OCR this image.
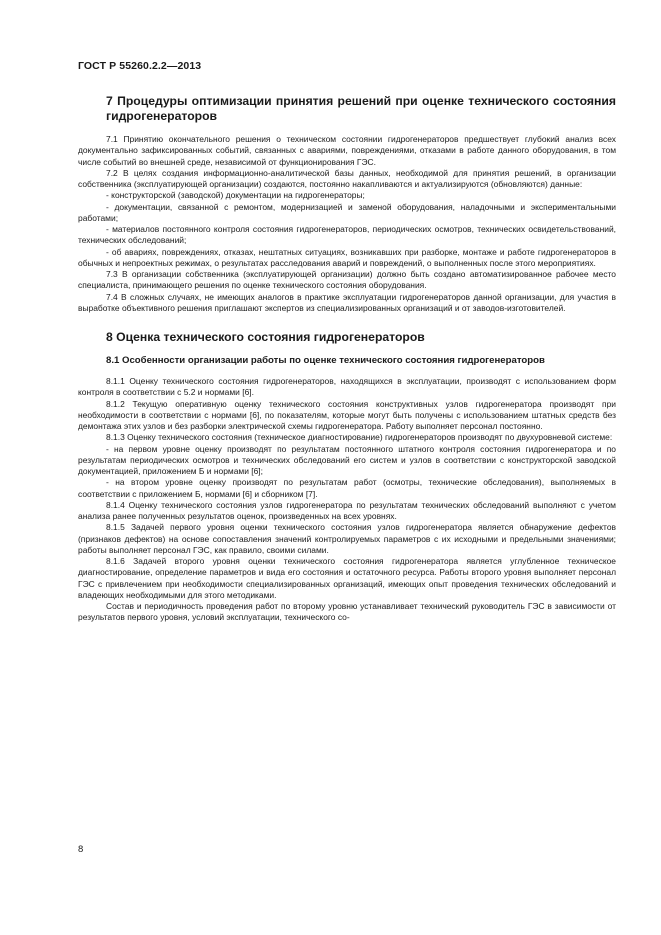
ГОСТ Р 55260.2.2—2013
7 Процедуры оптимизации принятия решений при оценке технического состояния гидрогенераторов

7.1 Принятию окончательного решения о техническом состоянии гидрогенераторов предшествует глубокий анализ всех документально зафиксированных событий, связанных с авариями, повреждениями, отказами в работе данного оборудования, в том числе событий во внешней среде, независимой от функционирования ГЭС.

7.2 В целях создания информационно-аналитической базы данных, необходимой для принятия решений, в организации собственника (эксплуатирующей организации) создаются, постоянно накапливаются и актуализируются (обновляются) данные:

- конструкторской (заводской) документации на гидрогенераторы;

- документации, связанной с ремонтом, модернизацией и заменой оборудования, наладочными и экспериментальными работами;

- материалов постоянного контроля состояния гидрогенераторов, периодических осмотров, технических освидетельствований, технических обследований;

- об авариях, повреждениях, отказах, нештатных ситуациях, возникавших при разборке, монтаже и работе гидрогенераторов в обычных и непроектных режимах, о результатах расследования аварий и повреждений, о выполненных после этого мероприятиях.

7.3 В организации собственника (эксплуатирующей организации) должно быть создано автоматизированное рабочее место специалиста, принимающего решения по оценке технического состояния оборудования.

7.4 В сложных случаях, не имеющих аналогов в практике эксплуатации гидрогенераторов данной организации, для участия в выработке объективного решения приглашают экспертов из специализированных организаций и от заводов-изготовителей.

8 Оценка технического состояния гидрогенераторов
8.1 Особенности организации работы по оценке технического состояния гидрогенераторов

8.1.1 Оценку технического состояния гидрогенераторов, находящихся в эксплуатации, производят с использованием форм контроля в соответствии с 5.2 и нормами [6].

8.1.2 Текущую оперативную оценку технического состояния конструктивных узлов гидрогенератора производят при необходимости в соответствии с нормами [6], по показателям, которые могут быть получены с использованием штатных средств без демонтажа этих узлов и без разборки электрической схемы гидрогенератора. Работу выполняет персонал постоянно.

8.1.3 Оценку технического состояния (техническое диагностирование) гидрогенераторов производят по двухуровневой системе:

- на первом уровне оценку производят по результатам постоянного штатного контроля состояния гидрогенератора и по результатам периодических осмотров и технических обследований его систем и узлов в соответствии с конструкторской заводской документацией, приложением Б и нормами [6];

- на втором уровне оценку производят по результатам работ (осмотры, технические обследования), выполняемых в соответствии с приложением Б, нормами [6] и сборником [7].

8.1.4 Оценку технического состояния узлов гидрогенератора по результатам технических обследований выполняют с учетом анализа ранее полученных результатов оценок, произведенных на всех уровнях.

8.1.5 Задачей первого уровня оценки технического состояния узлов гидрогенератора является обнаружение дефектов (признаков дефектов) на основе сопоставления значений контролируемых параметров с их исходными и предельными значениями; работы выполняет персонал ГЭС, как правило, своими силами.

8.1.6 Задачей второго уровня оценки технического состояния гидрогенератора является углубленное техническое диагностирование, определение параметров и вида его состояния и остаточного ресурса. Работы второго уровня выполняет персонал ГЭС с привлечением при необходимости специализированных организаций, имеющих опыт проведения технических обследований и владеющих необходимыми для этого методиками.

Состав и периодичность проведения работ по второму уровню устанавливает технический руководитель ГЭС в зависимости от результатов первого уровня, условий эксплуатации, технического со-

8
